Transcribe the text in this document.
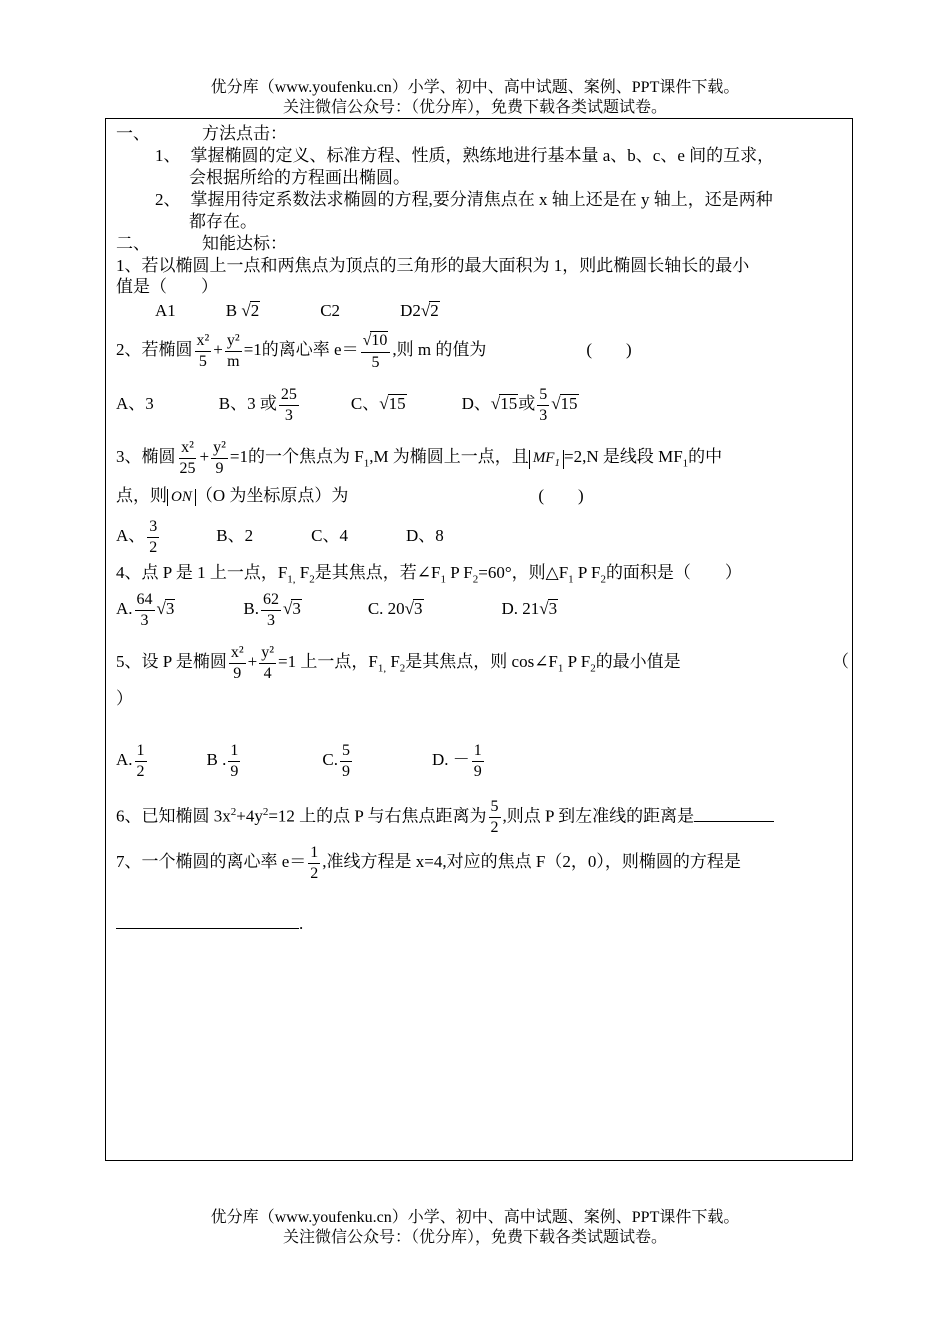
优分库（www.youfenku.cn）小学、初中、高中试题、案例、PPT课件下载。
关注微信公众号：（优分库），免费下载各类试题试卷。
一、	方法点击：
1、 掌握椭圆的定义、标准方程、性质，熟练地进行基本量 a、b、c、e 间的互求，
会根据所给的方程画出椭圆。
2、 掌握用待定系数法求椭圆的方程,要分清焦点在 x 轴上还是在 y 轴上，还是两种
都存在。
二、	知能达标：
1、若以椭圆上一点和两焦点为顶点的三角形的最大面积为 1，则此椭圆长轴长的最小
值是（　　）
A1	B √2	C2	D2√2
2、若椭圆 $\frac{\text{x²}}{5} + \frac{\text{y²}}{m} =1$的离心率 $e= \frac{√10}{5}$ ,则 m 的值为	(　　)
A、3	B、3 或 $\frac{25}{3}$	C、√15	D、√15或 $\frac{5}{3} √15$
3、椭圆 $\frac{\text{x²}}{25} + \frac{\text{y²}}{9} =1$的一个焦点为 $F_1,M$ 为椭圆上一点，且 $MF_1 =2,N$ 是线段 $MF_1$的中
点，则 ON （O 为坐标原点）为	(　　)
A、 $\frac{3}{2}$	B、2	C、4	D、8
4、点 P 是 1 上一点，$F_{1,}$ $F_2$是其焦点，若$\angle F_1$ P $F_2=60^\circ$，则$\triangle F_1$ P $F_2$的面积是（　　）
A. $\frac{64}{3} √3$	B. $\frac{62}{3} √3$	C. 20√3	D. 21√3
5、设 P 是椭圆 $\frac{\text{x²}}{9} + \frac{\text{y²}}{4} =1$ 上一点，$F_{1,}$ $F_2$是其焦点，则 $\cos\angle F_1$ P $F_2$的最小值是	（
）
A. $\frac{1}{2}$	B . $\frac{1}{9}$	C. $\frac{5}{9}$	D. － $\frac{1}{9}$
6、已知椭圆 $3x^2+4y^2=12$ 上的点 P 与右焦点距离为 $\frac{5}{2}$ ,则点 P 到左准线的距离是
7、一个椭圆的离心率 $e= \frac{1}{2}$ ,准线方程是 x=4,对应的焦点 F（2，0），则椭圆的方程是
.
优分库（www.youfenku.cn）小学、初中、高中试题、案例、PPT课件下载。
关注微信公众号：（优分库），免费下载各类试题试卷。
